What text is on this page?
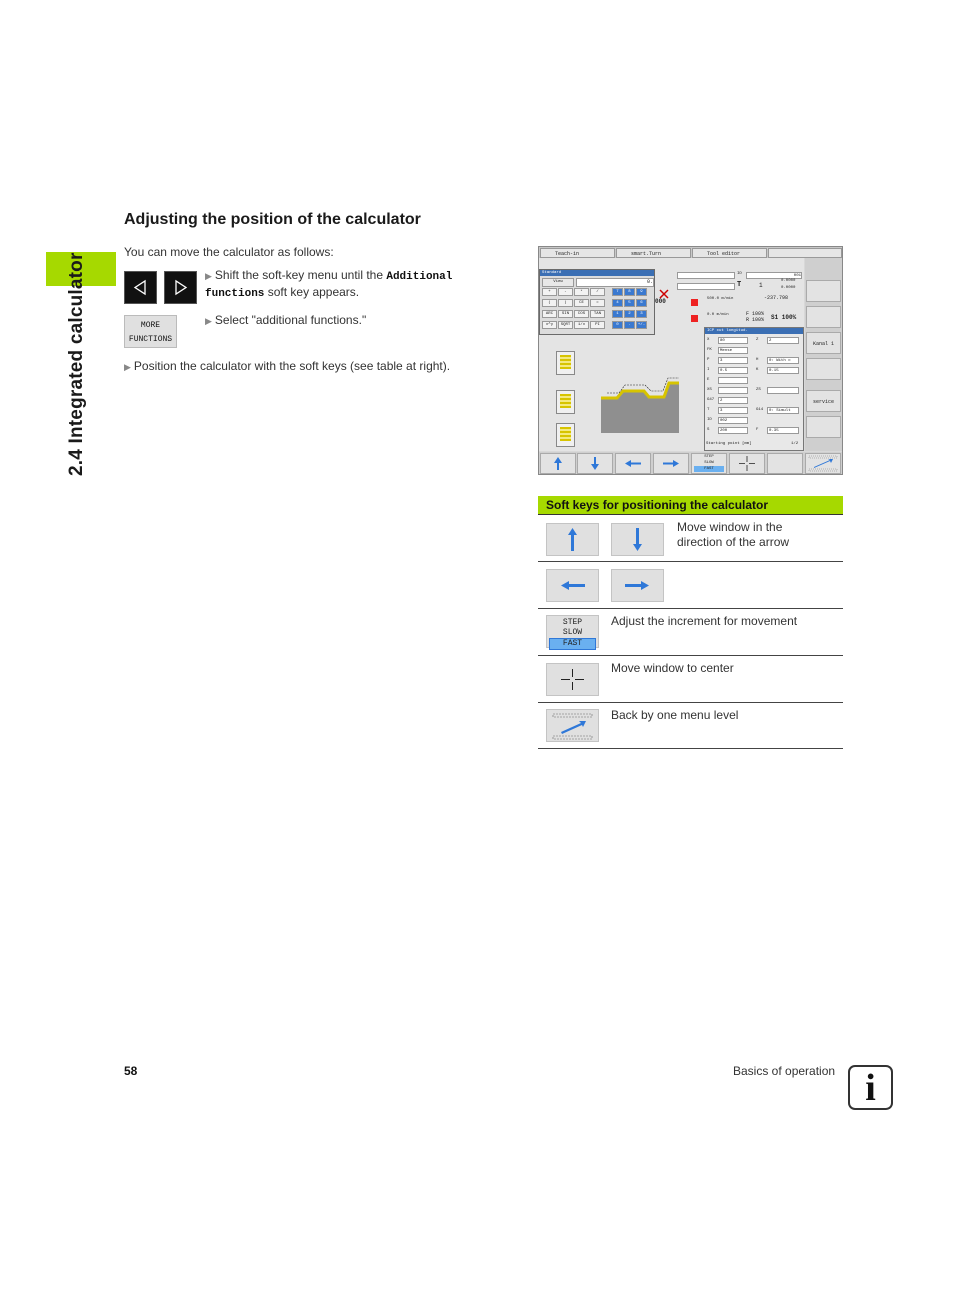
2.4 Integrated calculator
Adjusting the position of the calculator
You can move the calculator as follows:
▶ Shift the soft-key menu until the Additional functions soft key appears.
MORE
FUNCTIONS
▶ Select "additional functions."
▶ Position the calculator with the soft keys (see table at right).
Teach-in	smart.Turn	Tool editor
ID	001
T	1
0.0000
0.0000
-237.798
000	500.0 m/min
0.0 m/min	F 100%
R 100% S1 100%
Standard
View	0.
+	-	*	/	7	8	9
(	)	CE	=	4	5	6
ARC	SIN	COS	TAN	1	2	3
x^y	SQRT	1/x	PI	0	.	+/-
ICP cut longitud.
X	80	Z	2
FK	Mense
P	3	H	0: With c
I	0.5	K	0.15
E
XS	ZS
G47	2
T	3	G14	0: Simult
ID	002
S	200	F	0.35
Starting point [mm]	1/2
Kanal 1
service
STEP
SLOW
FAST
Soft keys for positioning the calculator
Move window in the direction of the arrow
STEP
SLOW
FAST
Adjust the increment for movement
Move window to center
Back by one menu level
58	Basics of operation i
